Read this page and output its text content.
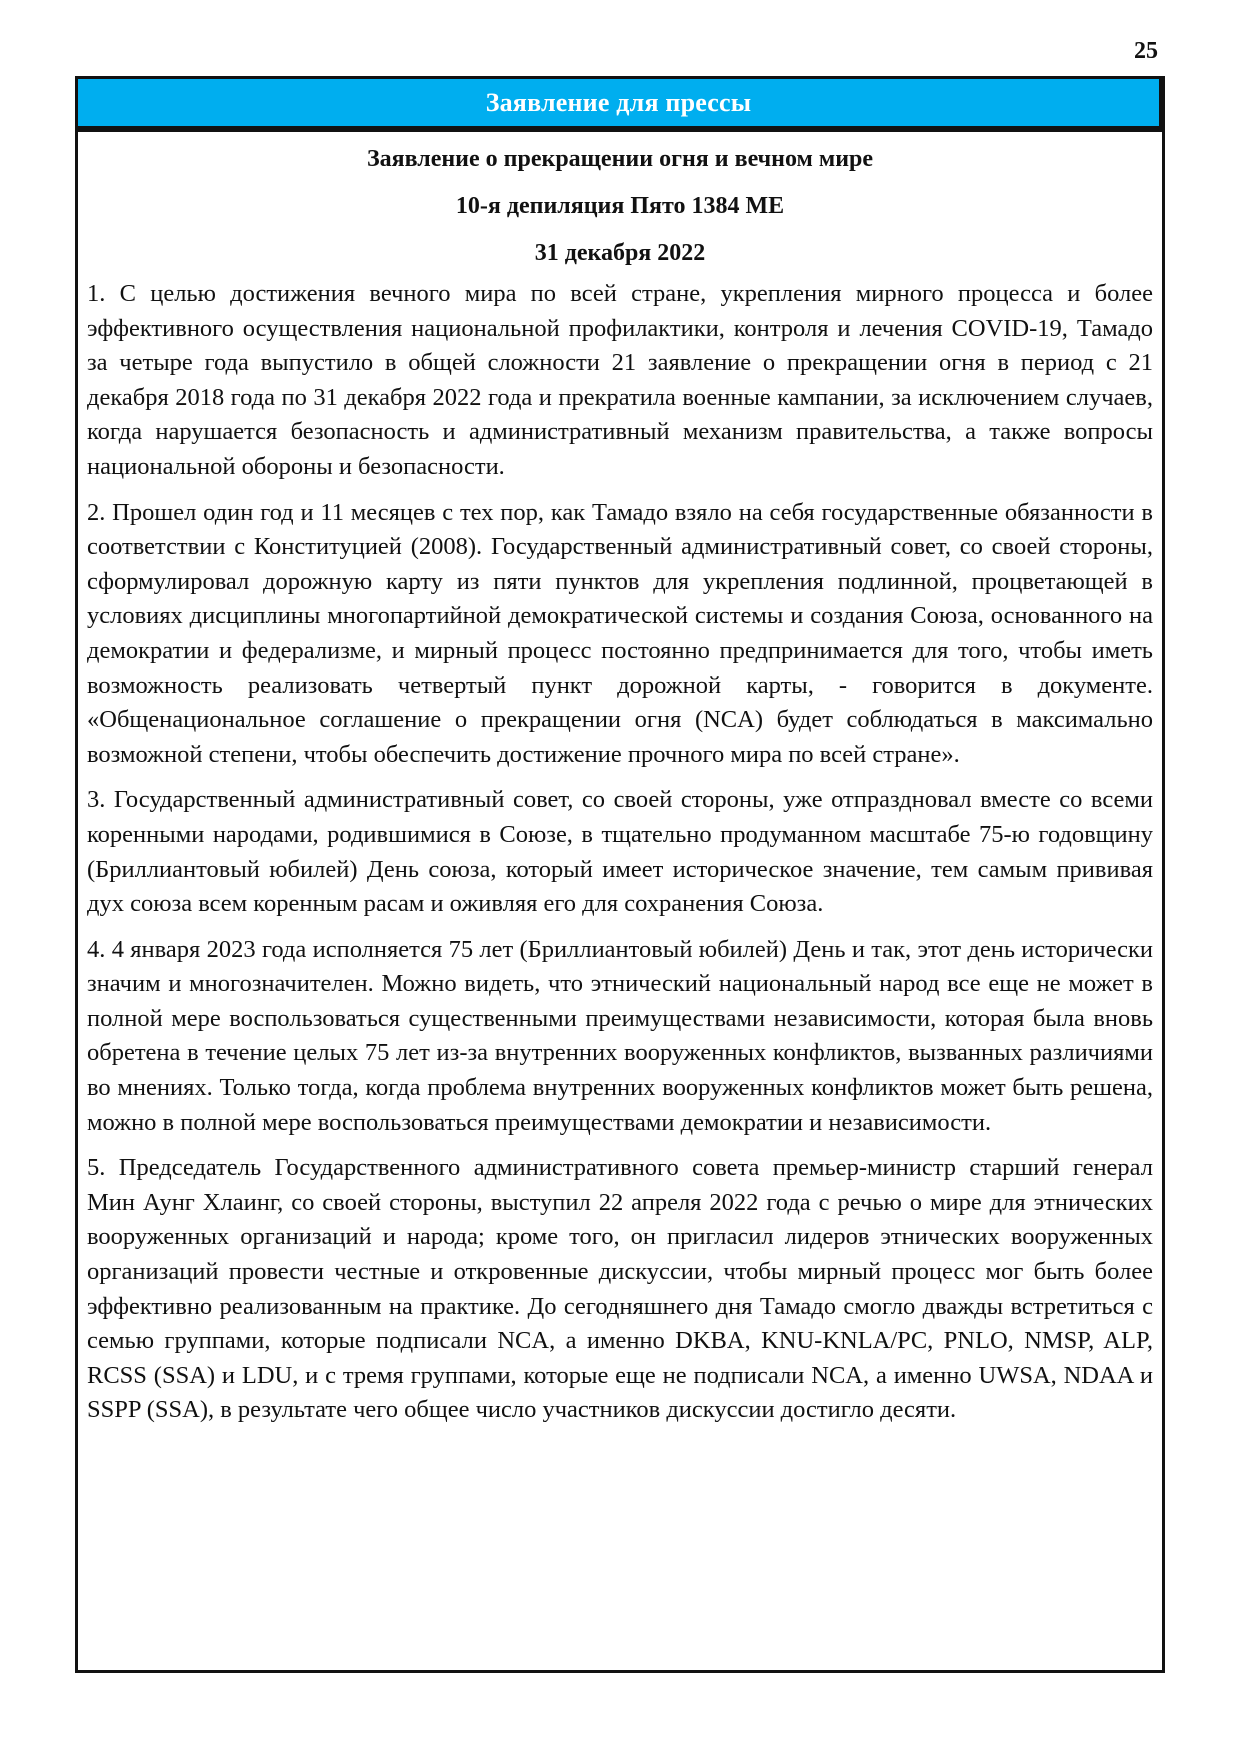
25
Заявление для прессы
Заявление о прекращении огня и вечном мире
10-я депиляция Пято 1384 ME
31 декабря 2022

1. С целью достижения вечного мира по всей стране, укрепления мирного процесса и более эффективного осуществления национальной профилактики, контроля и лечения COVID-19, Тамадо за четыре года выпустило в общей сложности 21 заявление о прекращении огня в период с 21 декабря 2018 года по 31 декабря 2022 года и прекратила военные кампании, за исключением случаев, когда нарушается безопасность и административный механизм правительства, а также вопросы национальной обороны и безопасности.

2. Прошел один год и 11 месяцев с тех пор, как Тамадо взяло на себя государственные обязанности в соответствии с Конституцией (2008). Государственный административный совет, со своей стороны, сформулировал дорожную карту из пяти пунктов для укрепления подлинной, процветающей в условиях дисциплины многопартийной демократической системы и создания Союза, основанного на демократии и федерализме, и мирный процесс постоянно предпринимается для того, чтобы иметь возможность реализовать четвертый пункт дорожной карты, - говорится в документе. «Общенациональное соглашение о прекращении огня (NCA) будет соблюдаться в максимально возможной степени, чтобы обеспечить достижение прочного мира по всей стране».

3. Государственный административный совет, со своей стороны, уже отпраздновал вместе со всеми коренными народами, родившимися в Союзе, в тщательно продуманном масштабе 75-ю годовщину (Бриллиантовый юбилей) День союза, который имеет историческое значение, тем самым прививая дух союза всем коренным расам и оживляя его для сохранения Союза.

4. 4 января 2023 года исполняется 75 лет (Бриллиантовый юбилей) День и так, этот день исторически значим и многозначителен. Можно видеть, что этнический национальный народ все еще не может в полной мере воспользоваться существенными преимуществами независимости, которая была вновь обретена в течение целых 75 лет из-за внутренних вооруженных конфликтов, вызванных различиями во мнениях. Только тогда, когда проблема внутренних вооруженных конфликтов может быть решена, можно в полной мере воспользоваться преимуществами демократии и независимости.

5. Председатель Государственного административного совета премьер-министр старший генерал Мин Аунг Хлаинг, со своей стороны, выступил 22 апреля 2022 года с речью о мире для этнических вооруженных организаций и народа; кроме того, он пригласил лидеров этнических вооруженных организаций провести честные и откровенные дискуссии, чтобы мирный процесс мог быть более эффективно реализованным на практике. До сегодняшнего дня Тамадо смогло дважды встретиться с семью группами, которые подписали NCA, а именно DKBA, KNU-KNLA/PC, PNLO, NMSP, ALP, RCSS (SSA) и LDU, и с тремя группами, которые еще не подписали NCA, а именно UWSA, NDAA и SSPP (SSA), в результате чего общее число участников дискуссии достигло десяти.
